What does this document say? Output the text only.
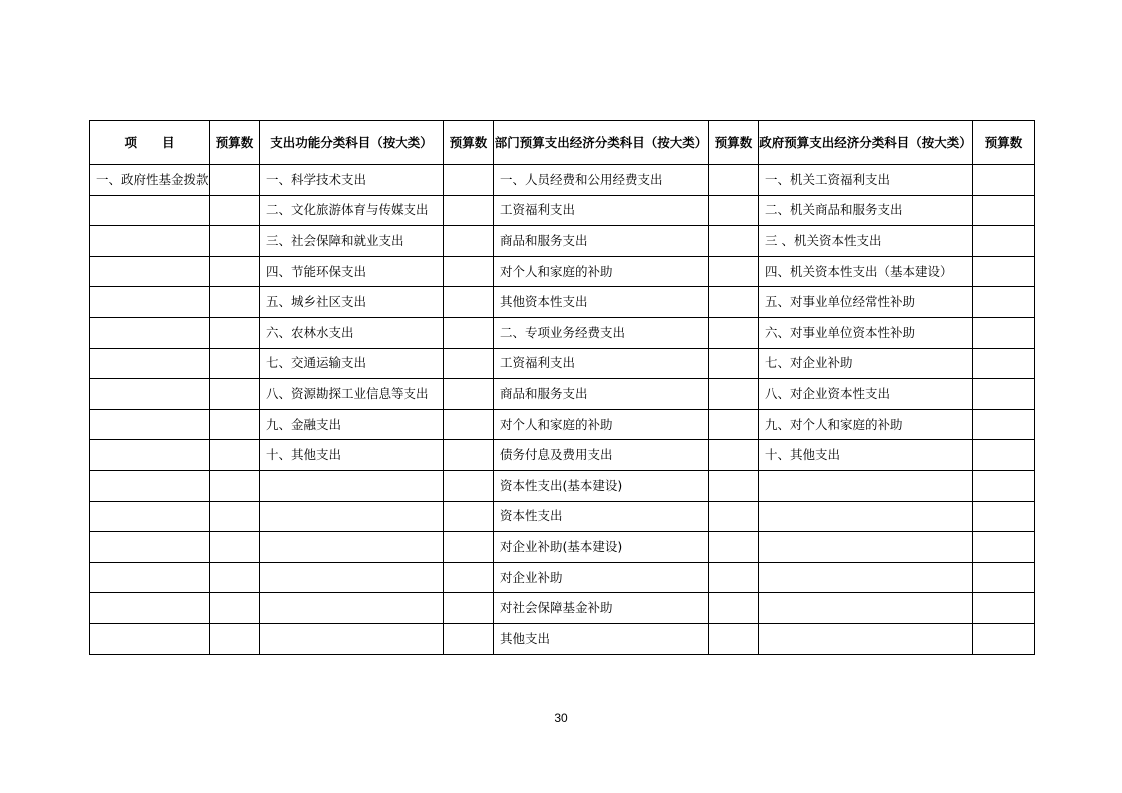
项　　目	预算数	支出功能分类科目（按大类）	预算数	部门预算支出经济分类科目（按大类）	预算数	政府预算支出经济分类科目（按大类）	预算数
一、政府性基金拨款		一、科学技术支出		一、人员经费和公用经费支出		一、机关工资福利支出	
		二、文化旅游体育与传媒支出		工资福利支出		二、机关商品和服务支出	
		三、社会保障和就业支出		商品和服务支出		三 、机关资本性支出	
		四、节能环保支出		对个人和家庭的补助		四、机关资本性支出（基本建设）	
		五、城乡社区支出		其他资本性支出		五、对事业单位经常性补助	
		六、农林水支出		二、专项业务经费支出		六、对事业单位资本性补助	
		七、交通运输支出		工资福利支出		七、对企业补助	
		八、资源勘探工业信息等支出		商品和服务支出		八、对企业资本性支出	
		九、金融支出		对个人和家庭的补助		九、对个人和家庭的补助	
		十、其他支出		债务付息及费用支出		十、其他支出	
				资本性支出(基本建设)			
				资本性支出			
				对企业补助(基本建设)			
				对企业补助			
				对社会保障基金补助			
				其他支出			
30
